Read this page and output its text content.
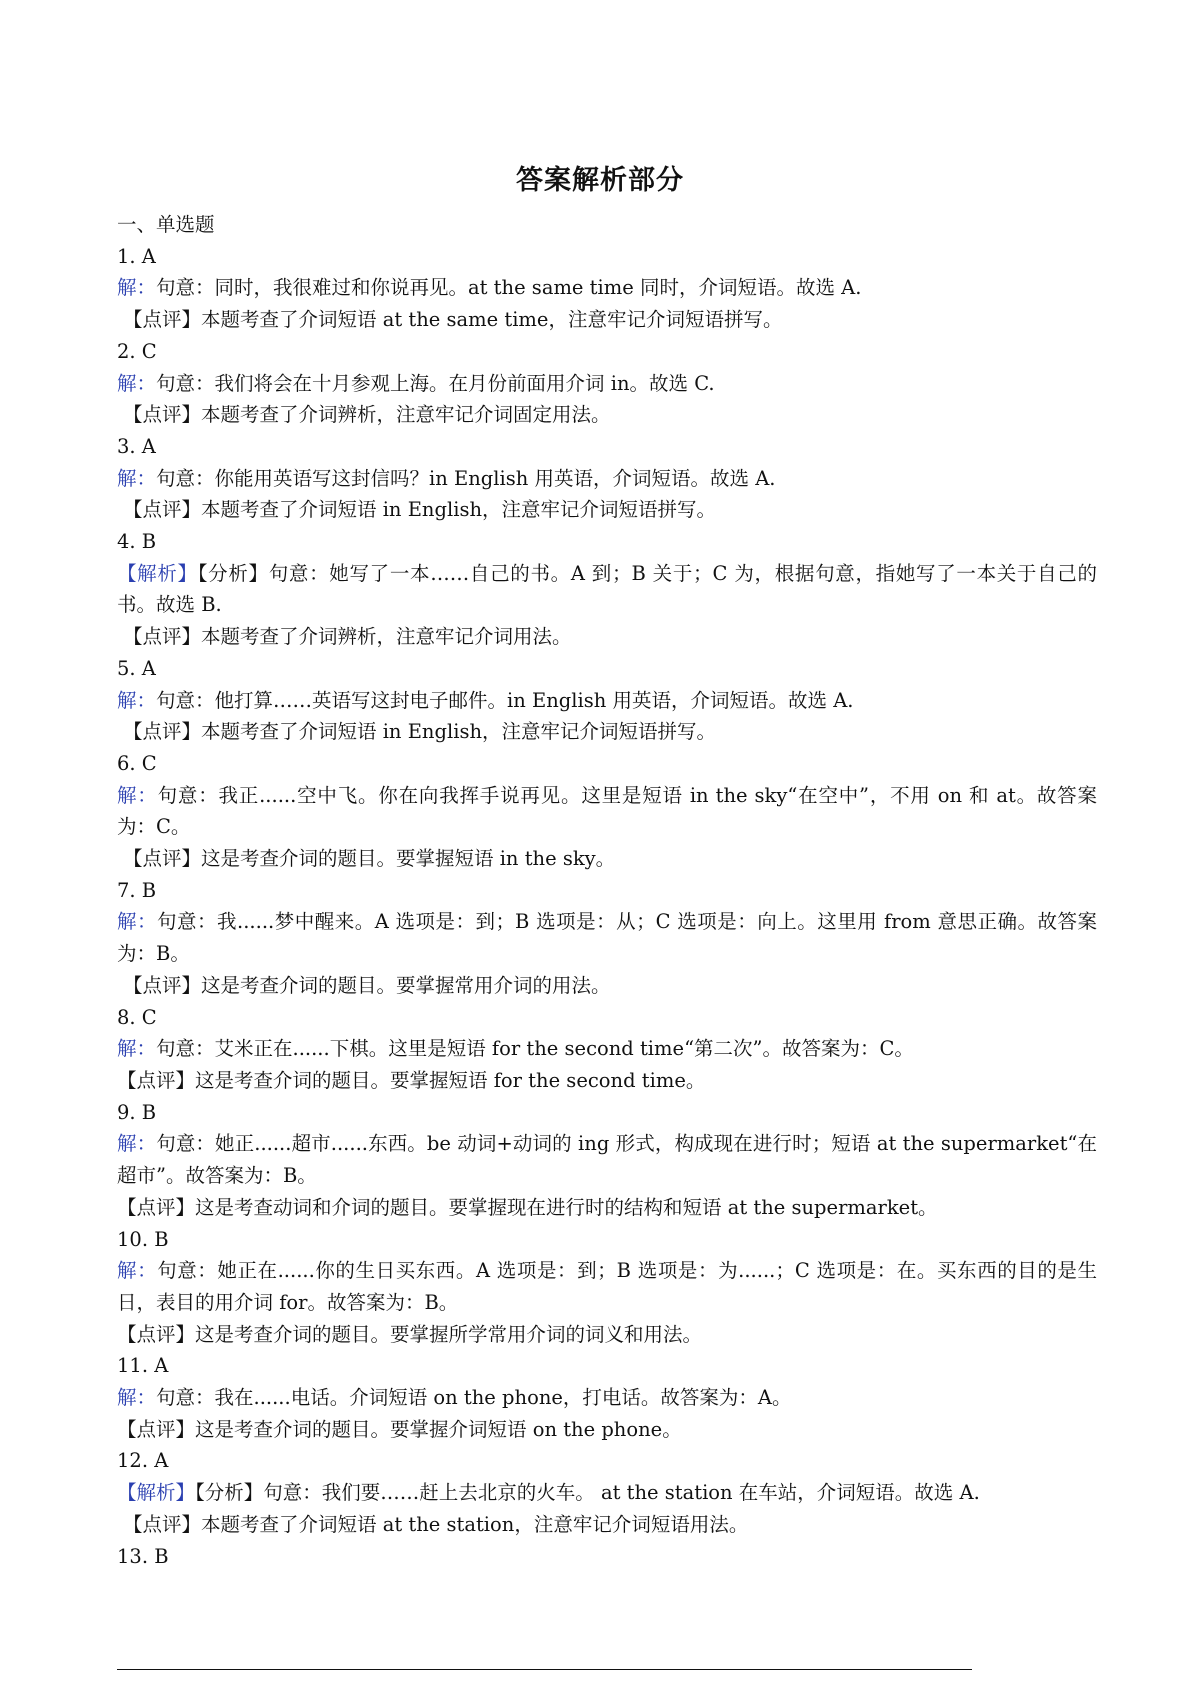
答案解析部分
一、单选题
1. A
解：句意：同时，我很难过和你说再见。at the same time 同时，介词短语。故选 A.
【点评】本题考查了介词短语 at the same time，注意牢记介词短语拼写。
2. C
解：句意：我们将会在十月参观上海。在月份前面用介词 in。故选 C.
【点评】本题考查了介词辨析，注意牢记介词固定用法。
3. A
解：句意：你能用英语写这封信吗？in English 用英语，介词短语。故选 A.
【点评】本题考查了介词短语 in English，注意牢记介词短语拼写。
4. B
【解析】【分析】句意：她写了一本……自己的书。A 到；B 关于；C 为，根据句意，指她写了一本关于自己的书。故选 B.
【点评】本题考查了介词辨析，注意牢记介词用法。
5. A
解：句意：他打算……英语写这封电子邮件。in English 用英语，介词短语。故选 A.
【点评】本题考查了介词短语 in English，注意牢记介词短语拼写。
6. C
解：句意：我正......空中飞。你在向我挥手说再见。这里是短语 in the sky“在空中”，不用 on 和 at。故答案为：C。
【点评】这是考查介词的题目。要掌握短语 in the sky。
7. B
解：句意：我......梦中醒来。A 选项是：到；B 选项是：从；C 选项是：向上。这里用 from 意思正确。故答案为：B。
【点评】这是考查介词的题目。要掌握常用介词的用法。
8. C
解：句意：艾米正在......下棋。这里是短语 for the second time“第二次”。故答案为：C。
【点评】这是考查介词的题目。要掌握短语 for the second time。
9. B
解：句意：她正......超市......东西。be 动词+动词的 ing 形式，构成现在进行时；短语 at the supermarket“在超市”。故答案为：B。
【点评】这是考查动词和介词的题目。要掌握现在进行时的结构和短语 at the supermarket。
10. B
解：句意：她正在......你的生日买东西。A 选项是：到；B 选项是：为......；C 选项是：在。买东西的目的是生日，表目的用介词 for。故答案为：B。
【点评】这是考查介词的题目。要掌握所学常用介词的词义和用法。
11. A
解：句意：我在......电话。介词短语 on the phone，打电话。故答案为：A。
【点评】这是考查介词的题目。要掌握介词短语 on the phone。
12. A
【解析】【分析】句意：我们要……赶上去北京的火车。 at the station 在车站，介词短语。故选 A.
【点评】本题考查了介词短语 at the station，注意牢记介词短语用法。
13. B
